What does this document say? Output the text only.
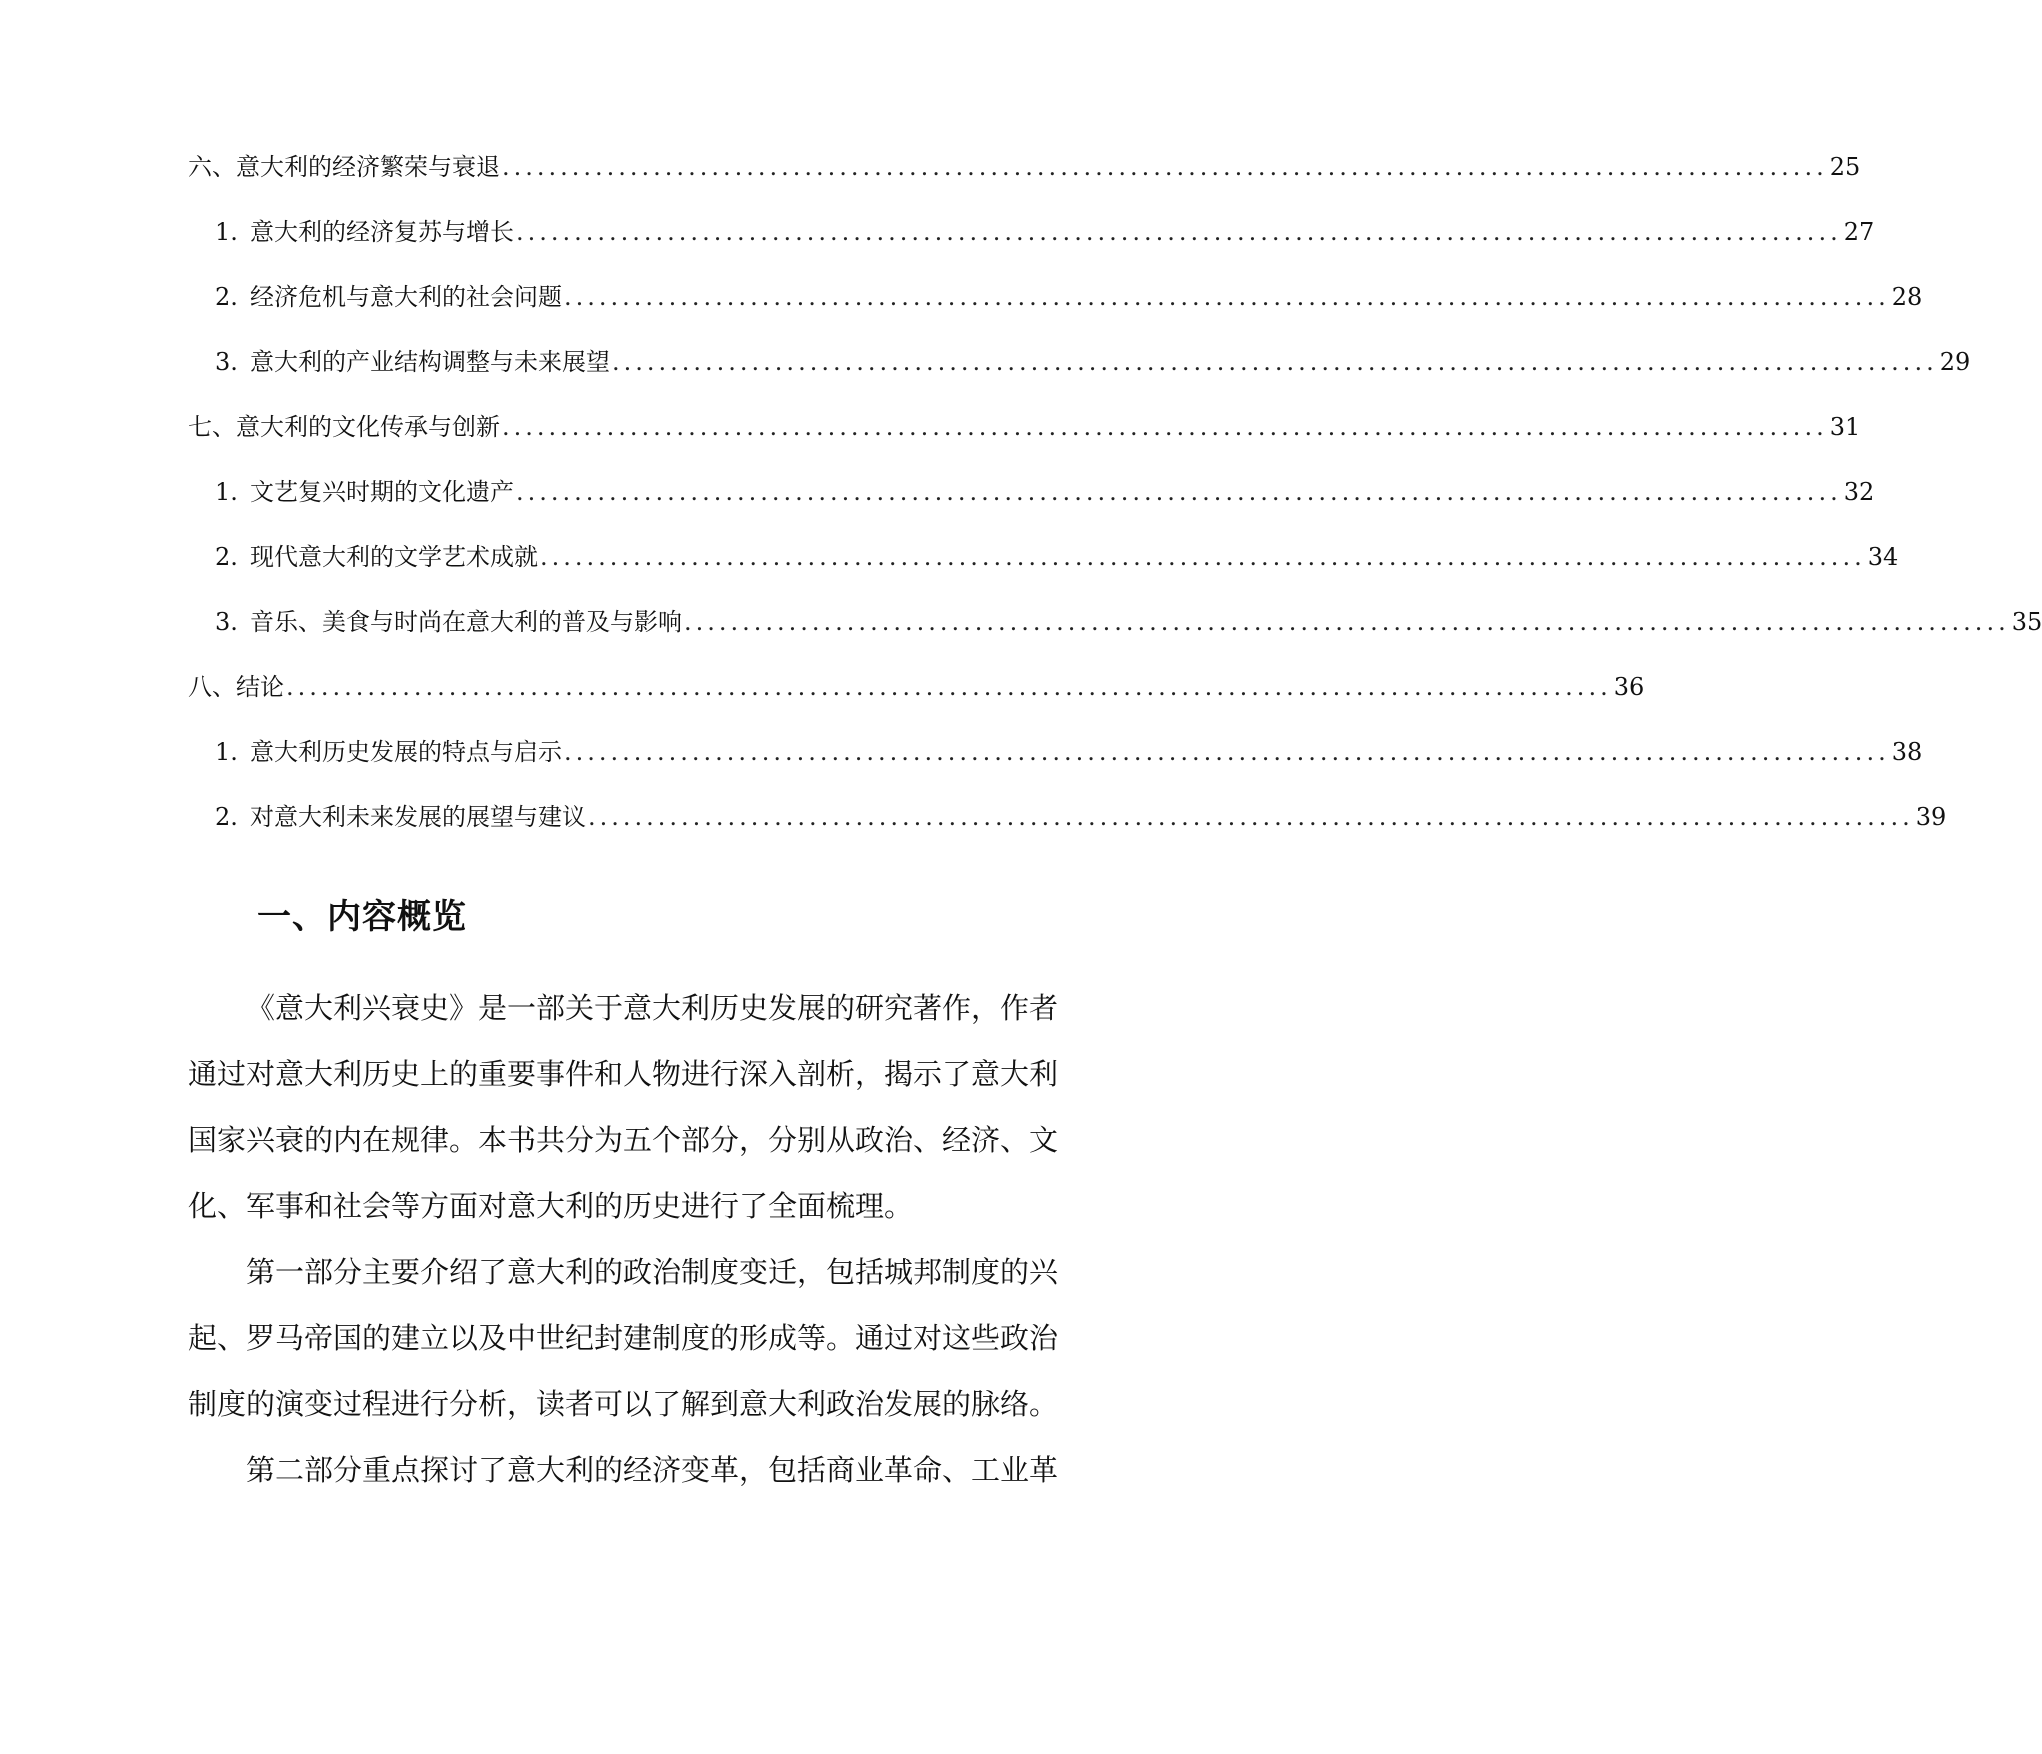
六、意大利的经济繁荣与衰退 .................................................................................................................. 25
1. 意大利的经济复苏与增长 .................................................................................................................. 27
2. 经济危机与意大利的社会问题 .................................................................................................................. 28
3. 意大利的产业结构调整与未来展望 .................................................................................................................. 29
七、意大利的文化传承与创新 .................................................................................................................. 31
1. 文艺复兴时期的文化遗产 .................................................................................................................. 32
2. 现代意大利的文学艺术成就 .................................................................................................................. 34
3. 音乐、美食与时尚在意大利的普及与影响 .................................................................................................................. 35
八、结论 .................................................................................................................. 36
1. 意大利历史发展的特点与启示 .................................................................................................................. 38
2. 对意大利未来发展的展望与建议 .................................................................................................................. 39
一、内容概览

《意大利兴衰史》是一部关于意大利历史发展的研究著作，作者通过对意大利历史上的重要事件和人物进行深入剖析，揭示了意大利国家兴衰的内在规律。本书共分为五个部分，分别从政治、经济、文化、军事和社会等方面对意大利的历史进行了全面梳理。

第一部分主要介绍了意大利的政治制度变迁，包括城邦制度的兴起、罗马帝国的建立以及中世纪封建制度的形成等。通过对这些政治制度的演变过程进行分析，读者可以了解到意大利政治发展的脉络。

第二部分重点探讨了意大利的经济变革，包括商业革命、工业革
